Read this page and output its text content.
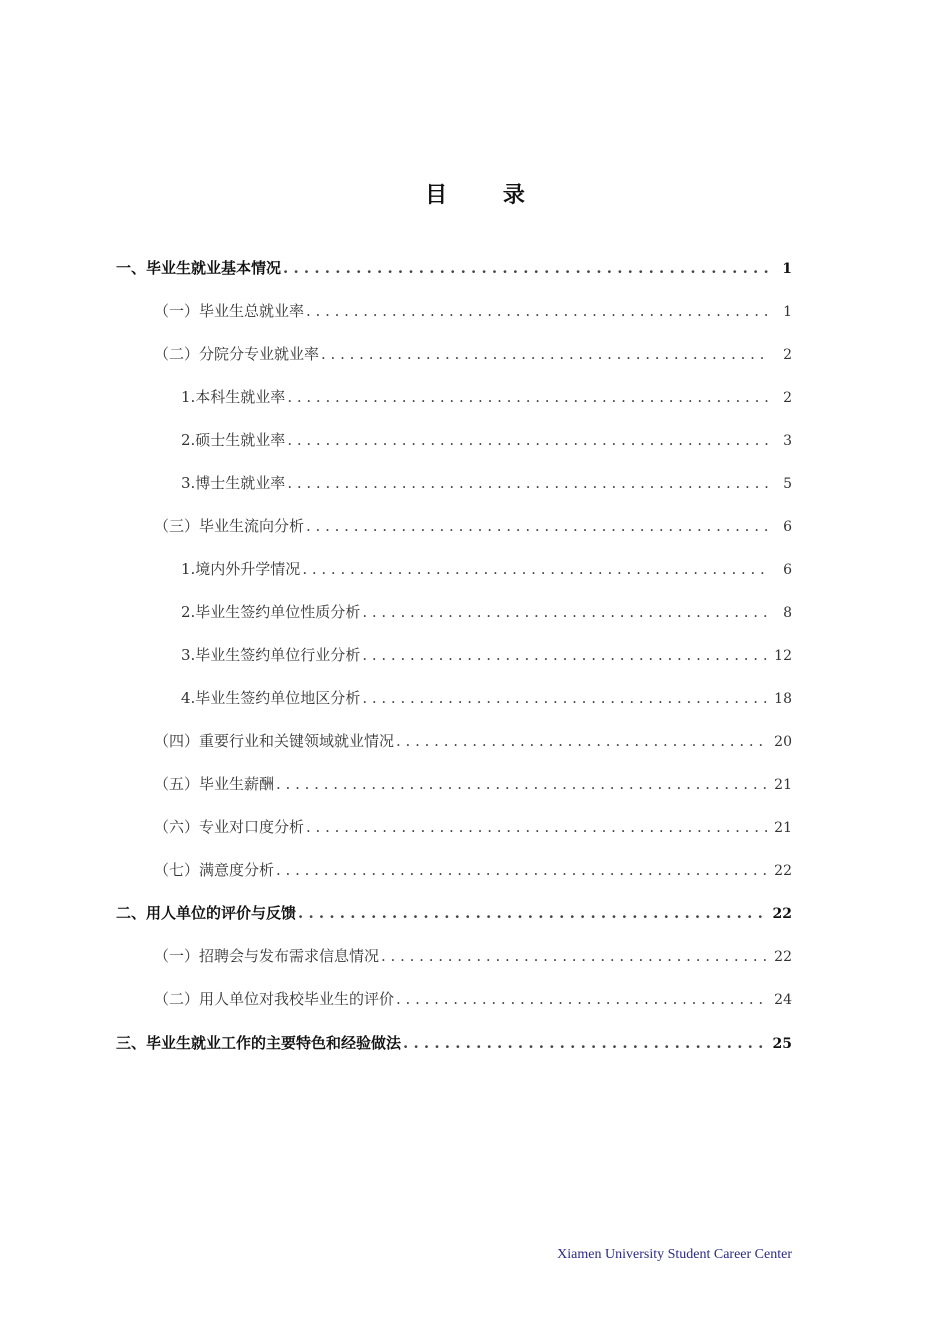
目 录
一、毕业生就业基本情况 . . .	1
（一）毕业生总就业率 . . .	1
（二）分院分专业就业率 . . .	2
1.本科生就业率 . . .	2
2.硕士生就业率 . . .	3
3.博士生就业率 . . .	5
（三）毕业生流向分析 . . .	6
1.境内外升学情况 . . .	6
2.毕业生签约单位性质分析 . . .	8
3.毕业生签约单位行业分析 . . .	12
4.毕业生签约单位地区分析 . . .	18
（四）重要行业和关键领域就业情况 . . .	20
（五）毕业生薪酬 . . .	21
（六）专业对口度分析 . . .	21
（七）满意度分析 . . .	22
二、用人单位的评价与反馈 . . .	22
（一）招聘会与发布需求信息情况 . . .	22
（二）用人单位对我校毕业生的评价 . . .	24
三、毕业生就业工作的主要特色和经验做法 . . .	25
Xiamen University Student Career Center
